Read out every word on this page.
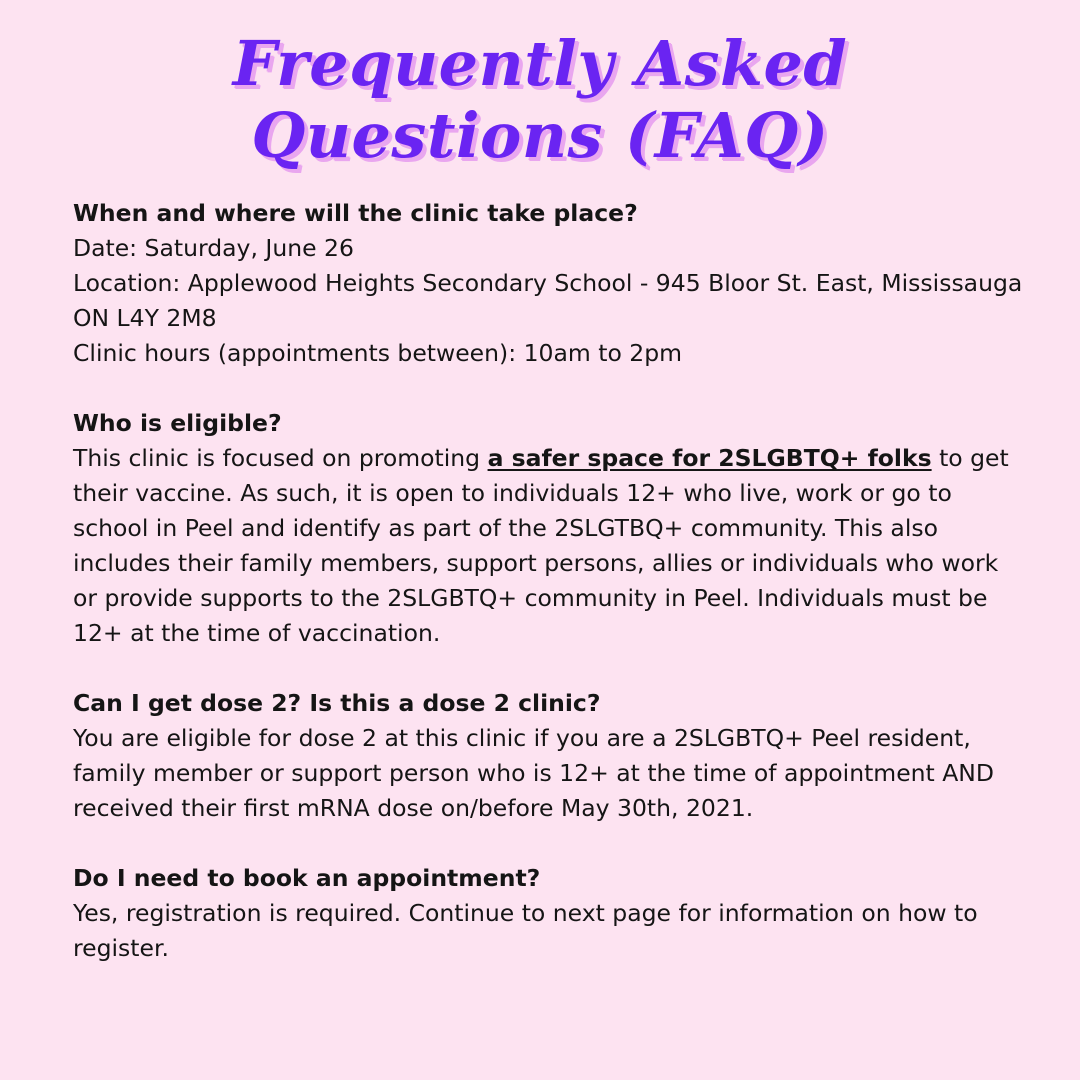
Frequently Asked
Questions (FAQ)

When and where will the clinic take place?
Date: Saturday, June 26
Location: Applewood Heights Secondary School - 945 Bloor St. East, Mississauga ON L4Y 2M8
Clinic hours (appointments between): 10am to 2pm

Who is eligible?
This clinic is focused on promoting a safer space for 2SLGBTQ+ folks to get their vaccine. As such, it is open to individuals 12+ who live, work or go to school in Peel and identify as part of the 2SLGTBQ+ community. This also includes their family members, support persons, allies or individuals who work or provide supports to the 2SLGBTQ+ community in Peel. Individuals must be 12+ at the time of vaccination.

Can I get dose 2? Is this a dose 2 clinic?
You are eligible for dose 2 at this clinic if you are a 2SLGBTQ+ Peel resident, family member or support person who is 12+ at the time of appointment AND received their first mRNA dose on/before May 30th, 2021.

Do I need to book an appointment?
Yes, registration is required. Continue to next page for information on how to register.
